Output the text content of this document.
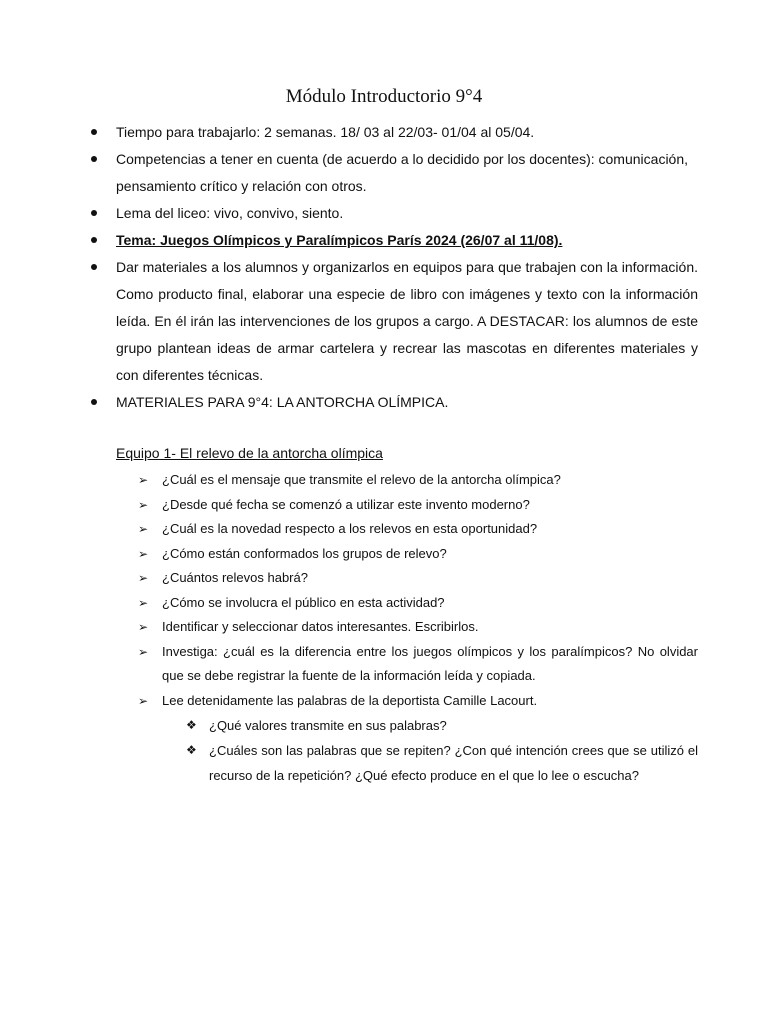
Módulo Introductorio 9°4

Tiempo para trabajarlo: 2 semanas. 18/ 03 al 22/03- 01/04 al 05/04.

Competencias a tener en cuenta (de acuerdo a lo decidido por los docentes): comunicación, pensamiento crítico y relación con otros.

Lema del liceo: vivo, convivo, siento.

Tema: Juegos Olímpicos y Paralímpicos París 2024 (26/07 al 11/08).

Dar materiales a los alumnos y organizarlos en equipos para que trabajen con la información. Como producto final, elaborar una especie de libro con imágenes y texto con la información leída. En él irán las intervenciones de los grupos a cargo. A DESTACAR: los alumnos de este grupo plantean ideas de armar cartelera y recrear las mascotas en diferentes materiales y con diferentes técnicas.

MATERIALES PARA 9°4: LA ANTORCHA OLÍMPICA.

Equipo 1- El relevo de la antorcha olímpica

➢ ¿Cuál es el mensaje que transmite el relevo de la antorcha olímpica?

➢ ¿Desde qué fecha se comenzó a utilizar este invento moderno?

➢ ¿Cuál es la novedad respecto a los relevos en esta oportunidad?

➢ ¿Cómo están conformados los grupos de relevo?

➢ ¿Cuántos relevos habrá?

➢ ¿Cómo se involucra el público en esta actividad?

➢ Identificar y seleccionar datos interesantes. Escribirlos.

➢ Investiga: ¿cuál es la diferencia entre los juegos olímpicos y los paralímpicos? No olvidar que se debe registrar la fuente de la información leída y copiada.

➢ Lee detenidamente las palabras de la deportista Camille Lacourt.

❖ ¿Qué valores transmite en sus palabras?

❖ ¿Cuáles son las palabras que se repiten? ¿Con qué intención crees que se utilizó el recurso de la repetición? ¿Qué efecto produce en el que lo lee o escucha?
